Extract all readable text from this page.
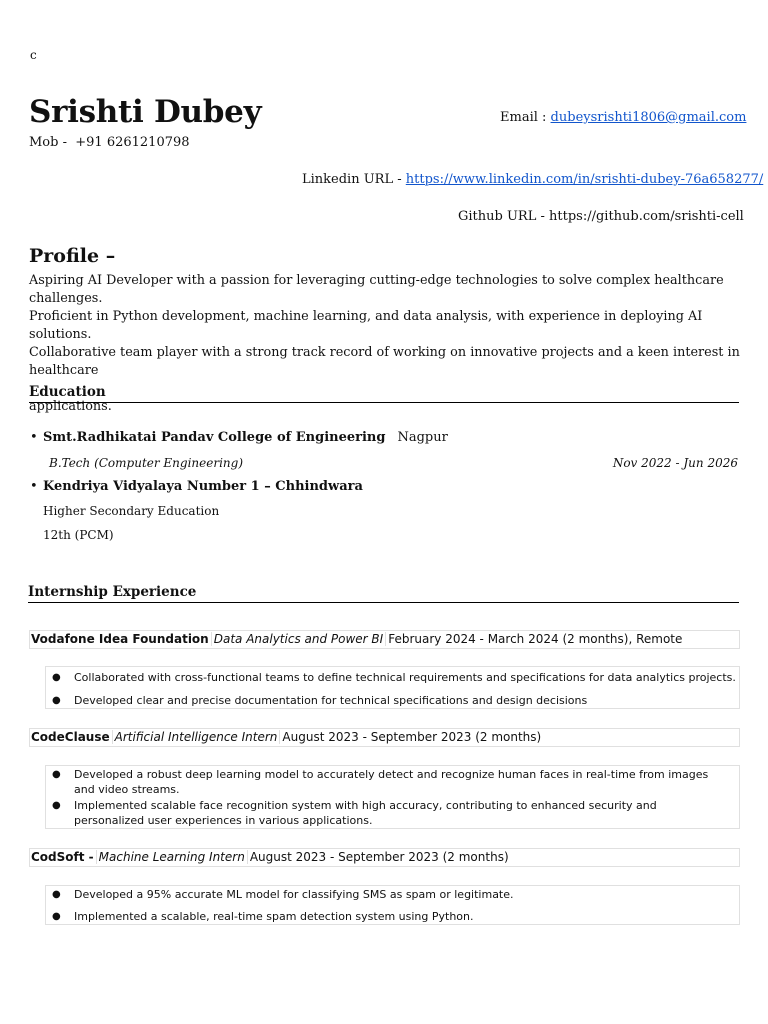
c
Srishti Dubey
Mob - +91 6261210798
Email : dubeysrishti1806@gmail.com
Linkedin URL - https://www.linkedin.com/in/srishti-dubey-76a658277/
Github URL - https://github.com/srishti-cell
Profile –
Aspiring AI Developer with a passion for leveraging cutting-edge technologies to solve complex healthcare challenges.
Proficient in Python development, machine learning, and data analysis, with experience in deploying AI solutions.
Collaborative team player with a strong track record of working on innovative projects and a keen interest in healthcare
applications.
Education
• Smt.Radhikatai Pandav College of Engineering Nagpur
B.Tech (Computer Engineering)	Nov 2022 - Jun 2026
• Kendriya Vidyalaya Number 1 – Chhindwara
Higher Secondary Education
12th (PCM)
Internship Experience
Vodafone Idea Foundation Data Analytics and Power BI February 2024 - March 2024 (2 months), Remote
● Collaborated with cross-functional teams to define technical requirements and specifications for data analytics projects.
● Developed clear and precise documentation for technical specifications and design decisions
CodeClause Artificial Intelligence Intern August 2023 - September 2023 (2 months)
● Developed a robust deep learning model to accurately detect and recognize human faces in real-time from images and video streams.
● Implemented scalable face recognition system with high accuracy, contributing to enhanced security and personalized user experiences in various applications.
CodSoft - Machine Learning Intern August 2023 - September 2023 (2 months)
● Developed a 95% accurate ML model for classifying SMS as spam or legitimate.
● Implemented a scalable, real-time spam detection system using Python.
